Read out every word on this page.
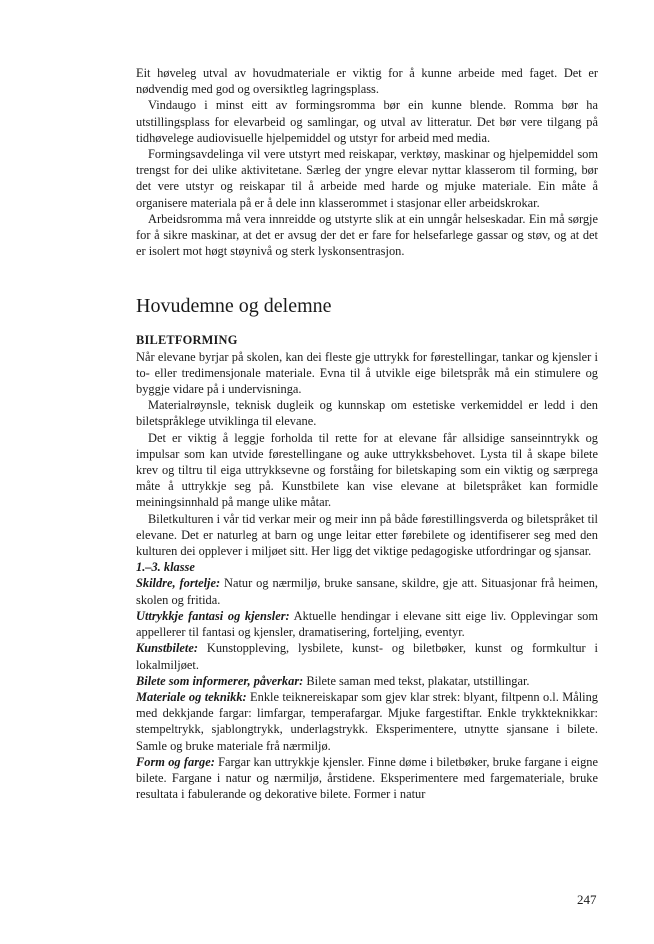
Eit høveleg utval av hovudmateriale er viktig for å kunne arbeide med faget. Det er nødvendig med god og oversiktleg lagringsplass.

Vindaugo i minst eitt av formingsromma bør ein kunne blende. Romma bør ha utstillingsplass for elevarbeid og samlingar, og utval av litteratur. Det bør vere tilgang på tidhøvelege audiovisuelle hjelpemiddel og utstyr for arbeid med media.

Formingsavdelinga vil vere utstyrt med reiskapar, verktøy, maskinar og hjelpemiddel som trengst for dei ulike aktivitetane. Særleg der yngre elevar nyttar klasserom til forming, bør det vere utstyr og reiskapar til å arbeide med harde og mjuke materiale. Ein måte å organisere materiala på er å dele inn klasserommet i stasjonar eller arbeidskrokar.

Arbeidsromma må vera innreidde og utstyrte slik at ein unngår helseskadar. Ein må sørgje for å sikre maskinar, at det er avsug der det er fare for helsefarlege gassar og støv, og at det er isolert mot høgt støynivå og sterk lyskonsentrasjon.

Hovudemne og delemne

BILETFORMING

Når elevane byrjar på skolen, kan dei fleste gje uttrykk for førestellingar, tankar og kjensler i to- eller tredimensjonale materiale. Evna til å utvikle eige biletspråk må ein stimulere og byggje vidare på i undervisninga.

Materialrøynsle, teknisk dugleik og kunnskap om estetiske verkemiddel er ledd i den biletspråklege utviklinga til elevane.

Det er viktig å leggje forholda til rette for at elevane får allsidige sanseinntrykk og impulsar som kan utvide førestellingane og auke uttrykksbehovet. Lysta til å skape bilete krev og tiltru til eiga uttrykksevne og forståing for biletskaping som ein viktig og særprega måte å uttrykkje seg på. Kunstbilete kan vise elevane at biletspråket kan formidle meiningsinnhald på mange ulike måtar.

Biletkulturen i vår tid verkar meir og meir inn på både førestillingsverda og biletspråket til elevane. Det er naturleg at barn og unge leitar etter førebilete og identifiserer seg med den kulturen dei opplever i miljøet sitt. Her ligg det viktige pedagogiske utfordringar og sjansar.

1.–3. klasse

Skildre, fortelje: Natur og nærmiljø, bruke sansane, skildre, gje att. Situasjonar frå heimen, skolen og fritida.

Uttrykkje fantasi og kjensler: Aktuelle hendingar i elevane sitt eige liv. Opplevingar som appellerer til fantasi og kjensler, dramatisering, forteljing, eventyr.

Kunstbilete: Kunstoppleving, lysbilete, kunst- og biletbøker, kunst og formkultur i lokalmiljøet.

Bilete som informerer, påverkar: Bilete saman med tekst, plakatar, utstillingar.

Materiale og teknikk: Enkle teiknereiskapar som gjev klar strek: blyant, filtpenn o.l. Måling med dekkjande fargar: limfargar, temperafargar. Mjuke fargestiftar. Enkle trykkteknikkar: stempeltrykk, sjablongtrykk, underlagstrykk. Eksperimentere, utnytte sjansane i bilete. Samle og bruke materiale frå nærmiljø.

Form og farge: Fargar kan uttrykkje kjensler. Finne døme i biletbøker, bruke fargane i eigne bilete. Fargane i natur og nærmiljø, årstidene. Eksperimentere med fargemateriale, bruke resultata i fabulerande og dekorative bilete. Former i natur

247
